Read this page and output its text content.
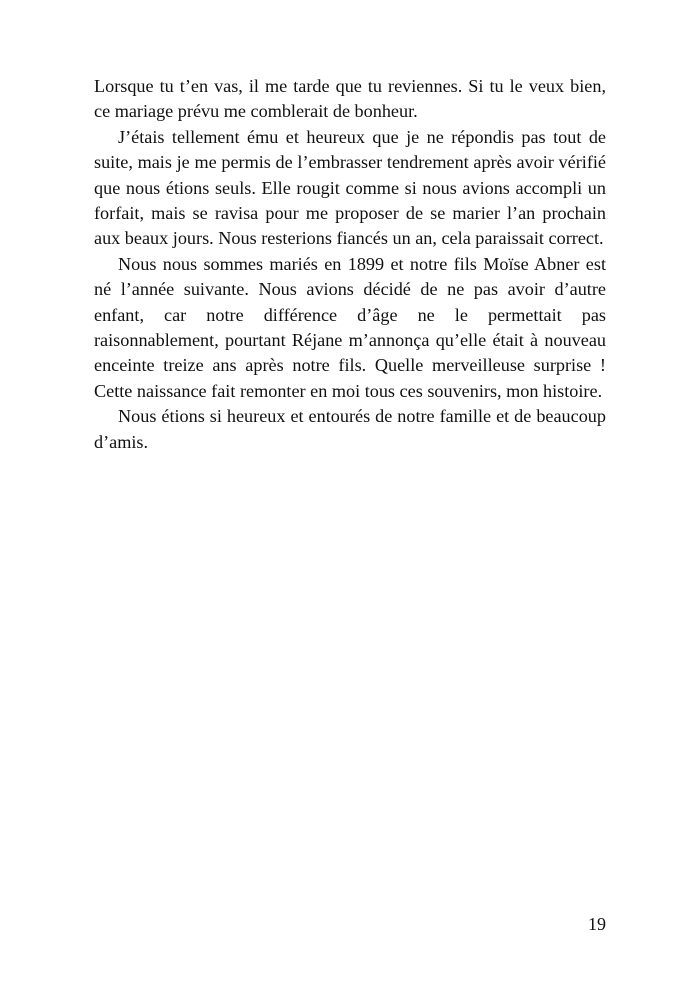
Lorsque tu t’en vas, il me tarde que tu reviennes. Si tu le veux bien, ce mariage prévu me comblerait de bonheur.

J’étais tellement ému et heureux que je ne répondis pas tout de suite, mais je me permis de l’embrasser tendrement après avoir vérifié que nous étions seuls. Elle rougit comme si nous avions accompli un forfait, mais se ravisa pour me proposer de se marier l’an prochain aux beaux jours. Nous resterions fiancés un an, cela paraissait correct.

Nous nous sommes mariés en 1899 et notre fils Moïse Abner est né l’année suivante. Nous avions décidé de ne pas avoir d’autre enfant, car notre différence d’âge ne le permettait pas raisonnablement, pourtant Réjane m’annonça qu’elle était à nouveau enceinte treize ans après notre fils. Quelle merveilleuse surprise ! Cette naissance fait remonter en moi tous ces souvenirs, mon histoire.

Nous étions si heureux et entourés de notre famille et de beaucoup d’amis.

19
